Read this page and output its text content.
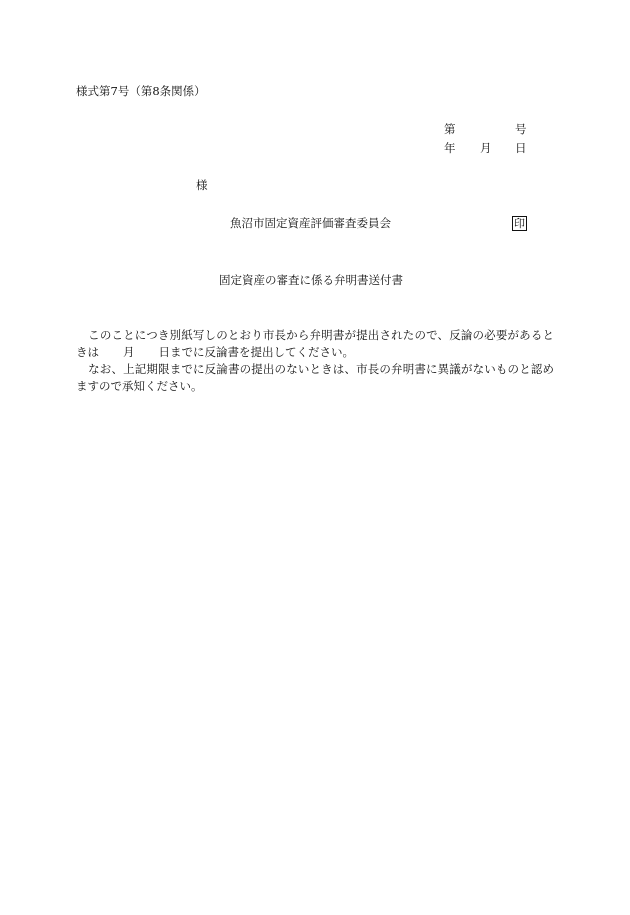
様式第7号（第8条関係）
第	号
年 月 日
様
魚沼市固定資産評価審査委員会	印
固定資産の審査に係る弁明書送付書
このことにつき別紙写しのとおり市長から弁明書が提出されたので、反論の必要があるときは 月 日までに反論書を提出してください。
なお、上記期限までに反論書の提出のないときは、市長の弁明書に異議がないものと認めますので承知ください。
